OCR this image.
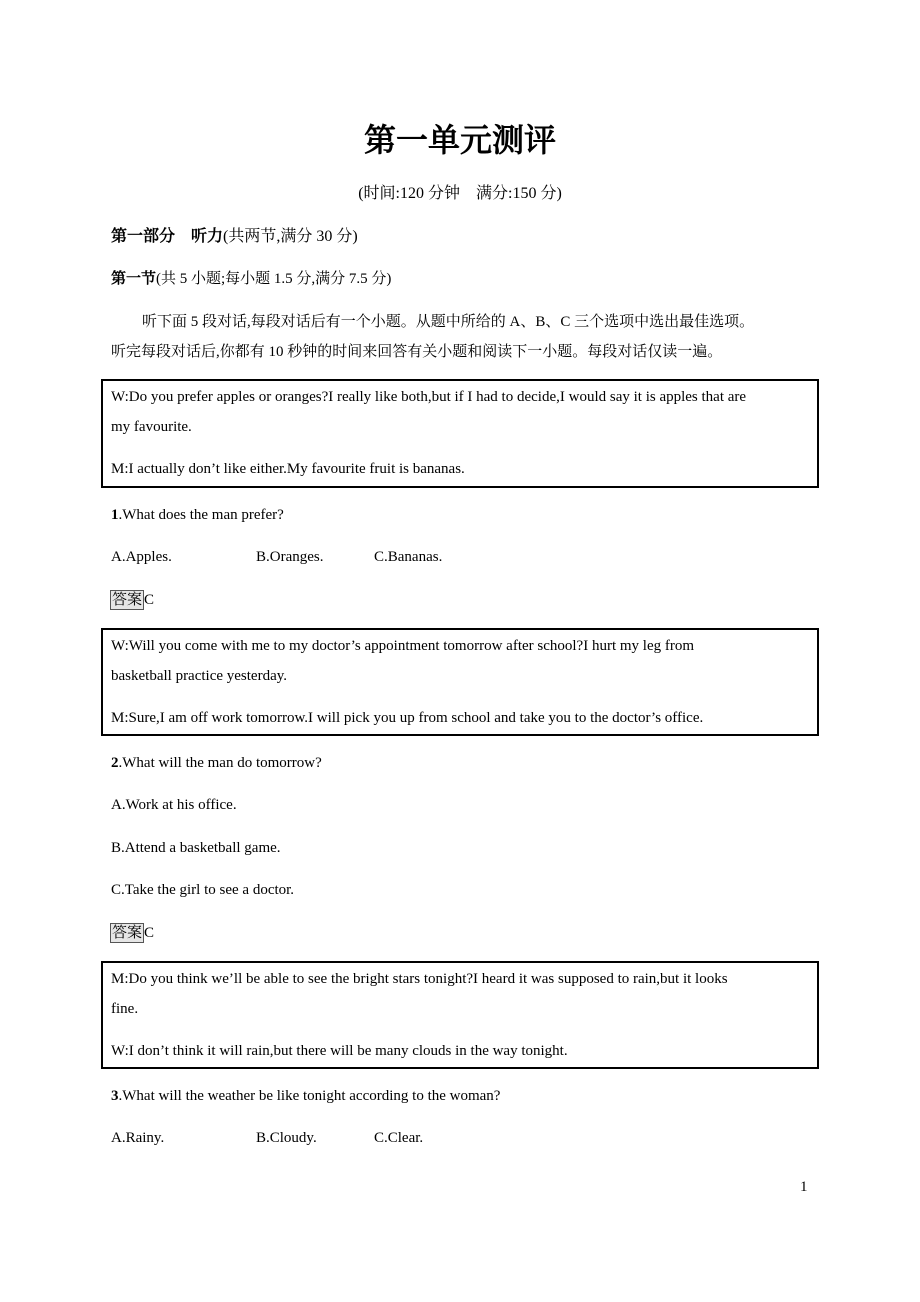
第一单元测评
(时间:120 分钟　满分:150 分)
第一部分　听力(共两节,满分 30 分)
第一节(共 5 小题;每小题 1.5 分,满分 7.5 分)
听下面 5 段对话,每段对话后有一个小题。从题中所给的 A、B、C 三个选项中选出最佳选项。
听完每段对话后,你都有 10 秒钟的时间来回答有关小题和阅读下一小题。每段对话仅读一遍。
W:Do you prefer apples or oranges?I really like both,but if I had to decide,I would say it is apples that are
my favourite.
M:I actually don’t like either.My favourite fruit is bananas.
1.What does the man prefer?
A.Apples.	B.Oranges.	C.Bananas.
答案 C
W:Will you come with me to my doctor’s appointment tomorrow after school?I hurt my leg from
basketball practice yesterday.
M:Sure,I am off work tomorrow.I will pick you up from school and take you to the doctor’s office.
2.What will the man do tomorrow?
A.Work at his office.
B.Attend a basketball game.
C.Take the girl to see a doctor.
答案 C
M:Do you think we’ll be able to see the bright stars tonight?I heard it was supposed to rain,but it looks
fine.
W:I don’t think it will rain,but there will be many clouds in the way tonight.
3.What will the weather be like tonight according to the woman?
A.Rainy.	B.Cloudy.	C.Clear.
1
